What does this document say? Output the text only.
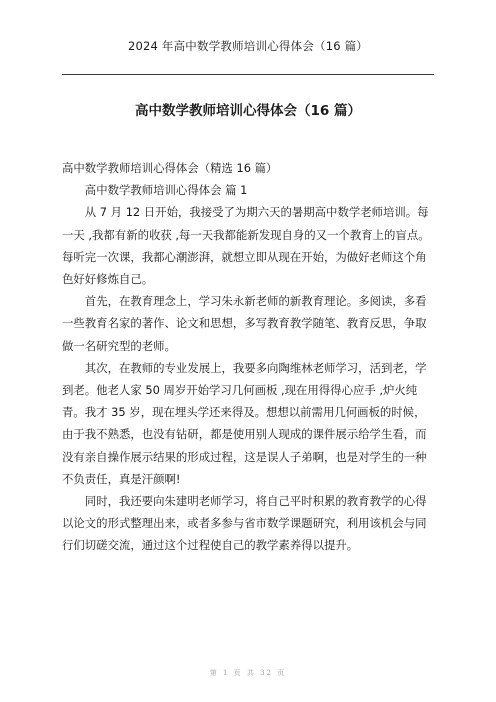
2024 年高中数学教师培训心得体会（16 篇）
高中数学教师培训心得体会（16 篇）

高中数学教师培训心得体会（精选 16 篇）

高中数学教师培训心得体会 篇 1

从 7 月 12 日开始，我接受了为期六天的暑期高中数学老师培训。每一天 ,我都有新的收获 ,每一天我都能新发现自身的又一个教育上的盲点。每听完一次课，我都心潮澎湃，就想立即从现在开始，为做好老师这个角色好好修炼自己。

首先，在教育理念上，学习朱永新老师的新教育理论。多阅读，多看一些教育名家的著作、论文和思想，多写教育教学随笔、教育反思，争取做一名研究型的老师。

其次，在教师的专业发展上，我要多向陶维林老师学习，活到老，学到老。他老人家 50 周岁开始学习几何画板 ,现在用得得心应手 ,炉火纯青。我才 35 岁，现在埋头学还来得及。想想以前需用几何画板的时候，由于我不熟悉，也没有钻研，都是使用别人现成的课件展示给学生看，而没有亲自操作展示结果的形成过程，这是误人子弟啊，也是对学生的一种不负责任，真是汗颜啊!

同时，我还要向朱建明老师学习，将自己平时积累的教育教学的心得以论文的形式整理出来，或者多参与省市数学课题研究，利用该机会与同行们切磋交流，通过这个过程使自己的教学素养得以提升。

第 1 页 共 32 页
